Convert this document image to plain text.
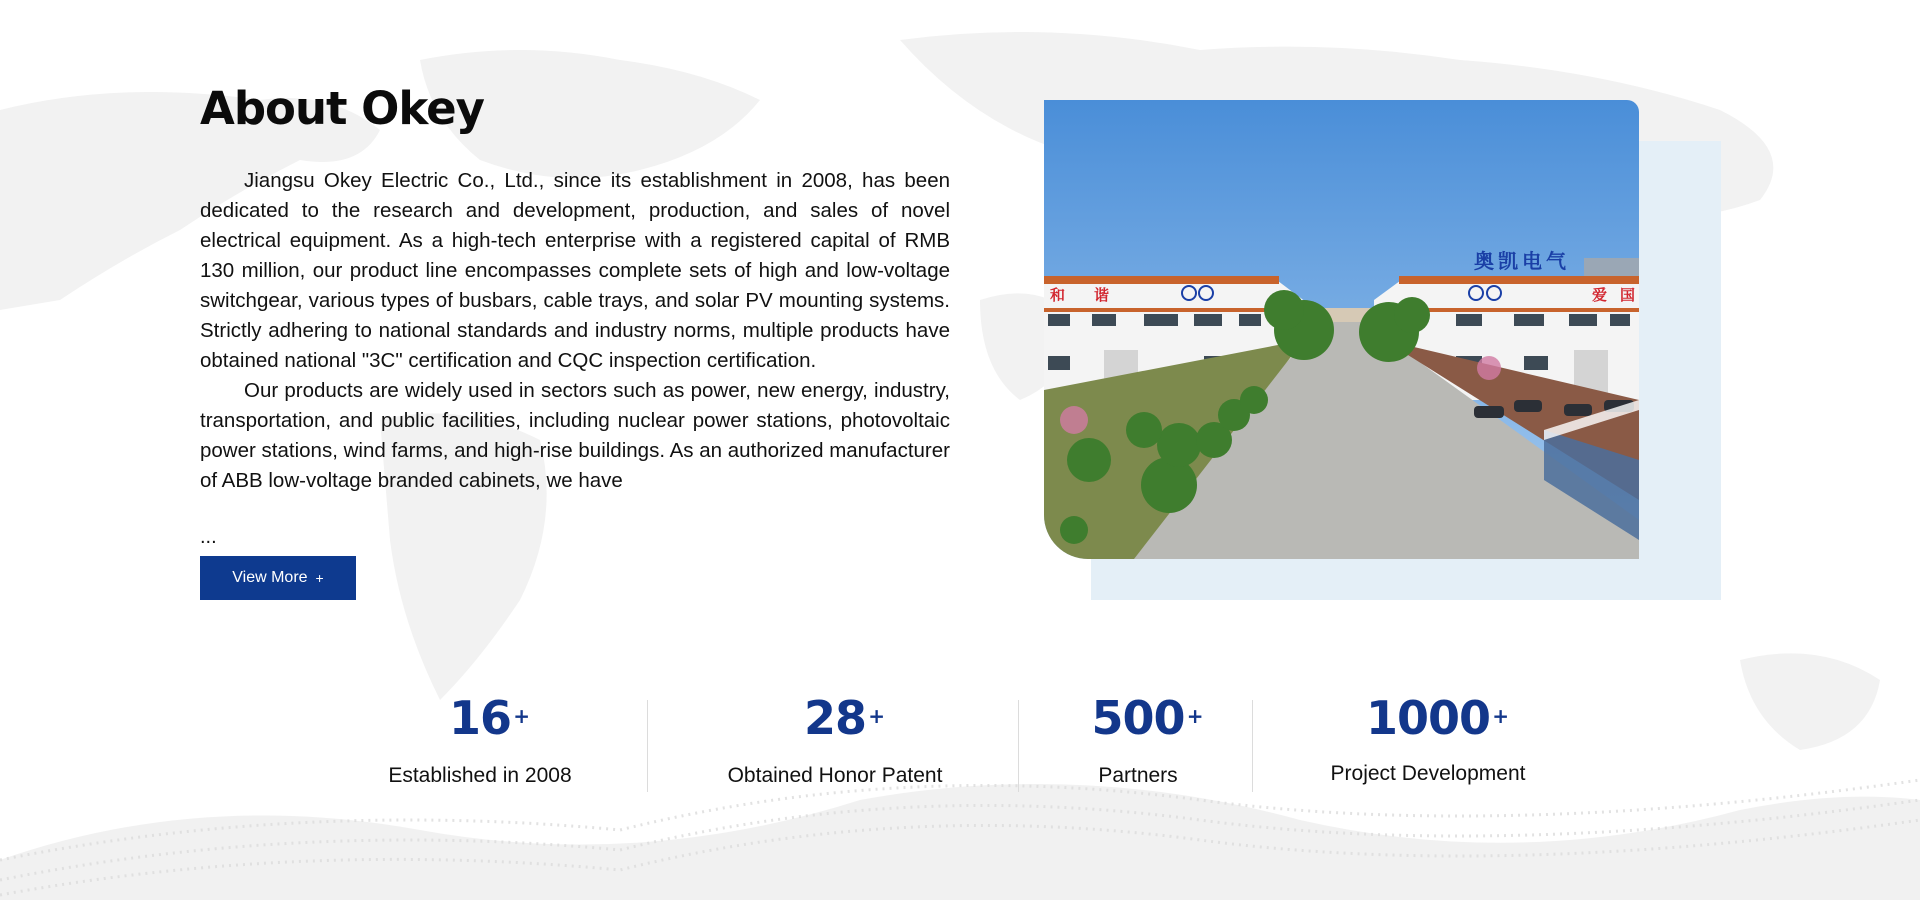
About Okey

Jiangsu Okey Electric Co., Ltd., since its establishment in 2008, has been dedicated to the research and development, production, and sales of novel electrical equipment. As a high-tech enterprise with a registered capital of RMB 130 million, our product line encompasses complete sets of high and low-voltage switchgear, various types of busbars, cable trays, and solar PV mounting systems. Strictly adhering to national standards and industry norms, multiple products have obtained national "3C" certification and CQC inspection certification.

Our products are widely used in sectors such as power, new energy, industry, transportation, and public facilities, including nuclear power stations, photovoltaic power stations, wind farms, and high-rise buildings. As an authorized manufacturer of ABB low-voltage branded cabinets, we have

...
View More +
和 谐
奥凯电气
爱 国
16 +
Established in 2008
28 +
Obtained Honor Patent
500 +
Partners
1000 +
Project Development
